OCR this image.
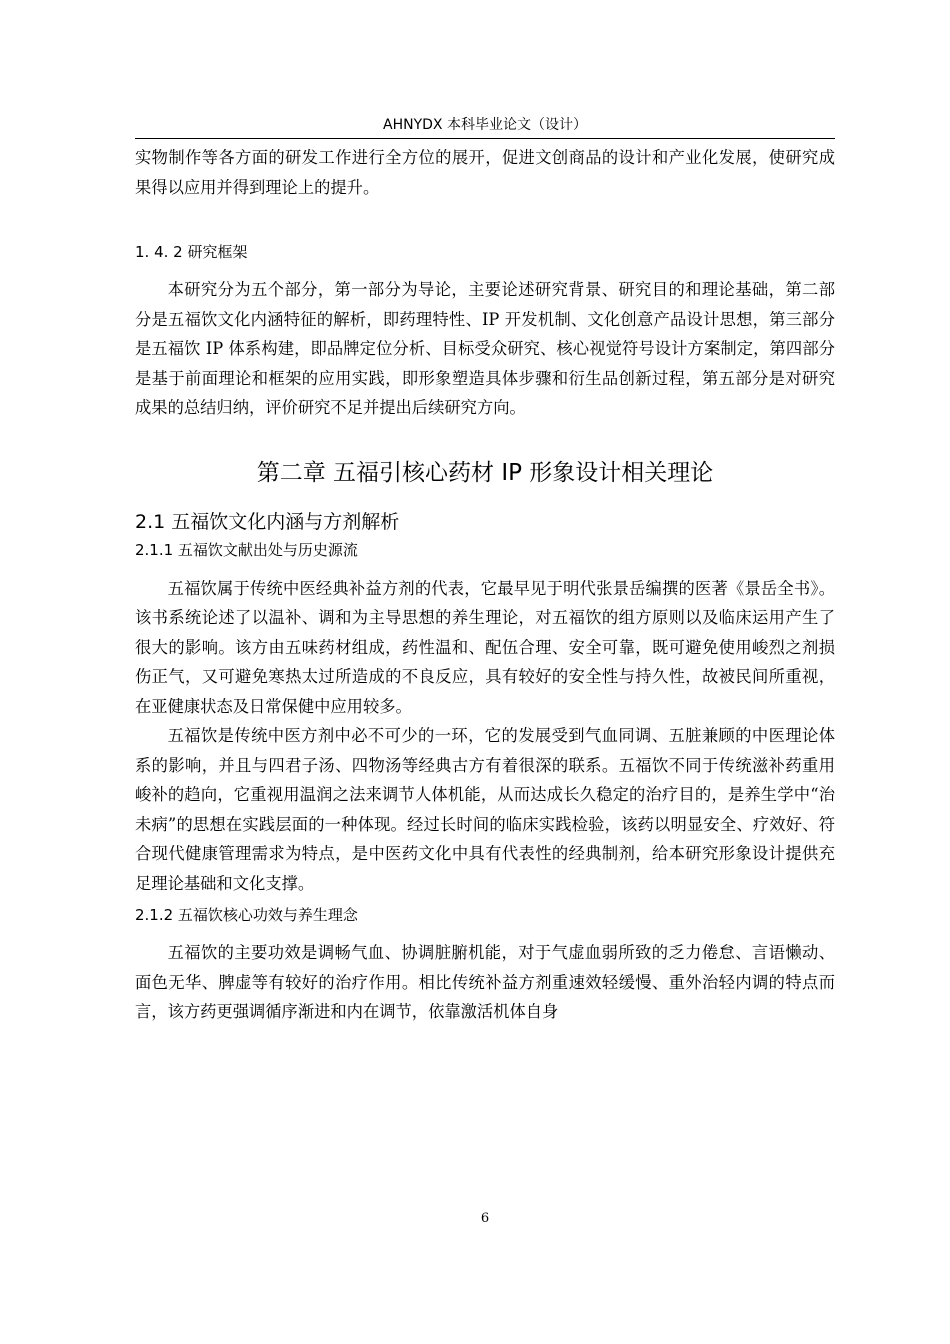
AHNYDX 本科毕业论文（设计）

实物制作等各方面的研发工作进行全方位的展开，促进文创商品的设计和产业化发展，使研究成果得以应用并得到理论上的提升。

1. 4. 2 研究框架

本研究分为五个部分，第一部分为导论，主要论述研究背景、研究目的和理论基础，第二部分是五福饮文化内涵特征的解析，即药理特性、IP 开发机制、文化创意产品设计思想，第三部分是五福饮 IP 体系构建，即品牌定位分析、目标受众研究、核心视觉符号设计方案制定，第四部分是基于前面理论和框架的应用实践，即形象塑造具体步骤和衍生品创新过程，第五部分是对研究成果的总结归纳，评价研究不足并提出后续研究方向。

第二章 五福引核心药材 IP 形象设计相关理论

2.1 五福饮文化内涵与方剂解析

2.1.1 五福饮文献出处与历史源流

五福饮属于传统中医经典补益方剂的代表，它最早见于明代张景岳编撰的医著《景岳全书》。该书系统论述了以温补、调和为主导思想的养生理论，对五福饮的组方原则以及临床运用产生了很大的影响。该方由五味药材组成，药性温和、配伍合理、安全可靠，既可避免使用峻烈之剂损伤正气，又可避免寒热太过所造成的不良反应，具有较好的安全性与持久性，故被民间所重视，在亚健康状态及日常保健中应用较多。

五福饮是传统中医方剂中必不可少的一环，它的发展受到气血同调、五脏兼顾的中医理论体系的影响，并且与四君子汤、四物汤等经典古方有着很深的联系。五福饮不同于传统滋补药重用峻补的趋向，它重视用温润之法来调节人体机能，从而达成长久稳定的治疗目的，是养生学中“治未病”的思想在实践层面的一种体现。经过长时间的临床实践检验，该药以明显安全、疗效好、符合现代健康管理需求为特点，是中医药文化中具有代表性的经典制剂，给本研究形象设计提供充足理论基础和文化支撑。

2.1.2 五福饮核心功效与养生理念

五福饮的主要功效是调畅气血、协调脏腑机能，对于气虚血弱所致的乏力倦怠、言语懒动、面色无华、脾虚等有较好的治疗作用。相比传统补益方剂重速效轻缓慢、重外治轻内调的特点而言，该方药更强调循序渐进和内在调节，依靠激活机体自身

6
